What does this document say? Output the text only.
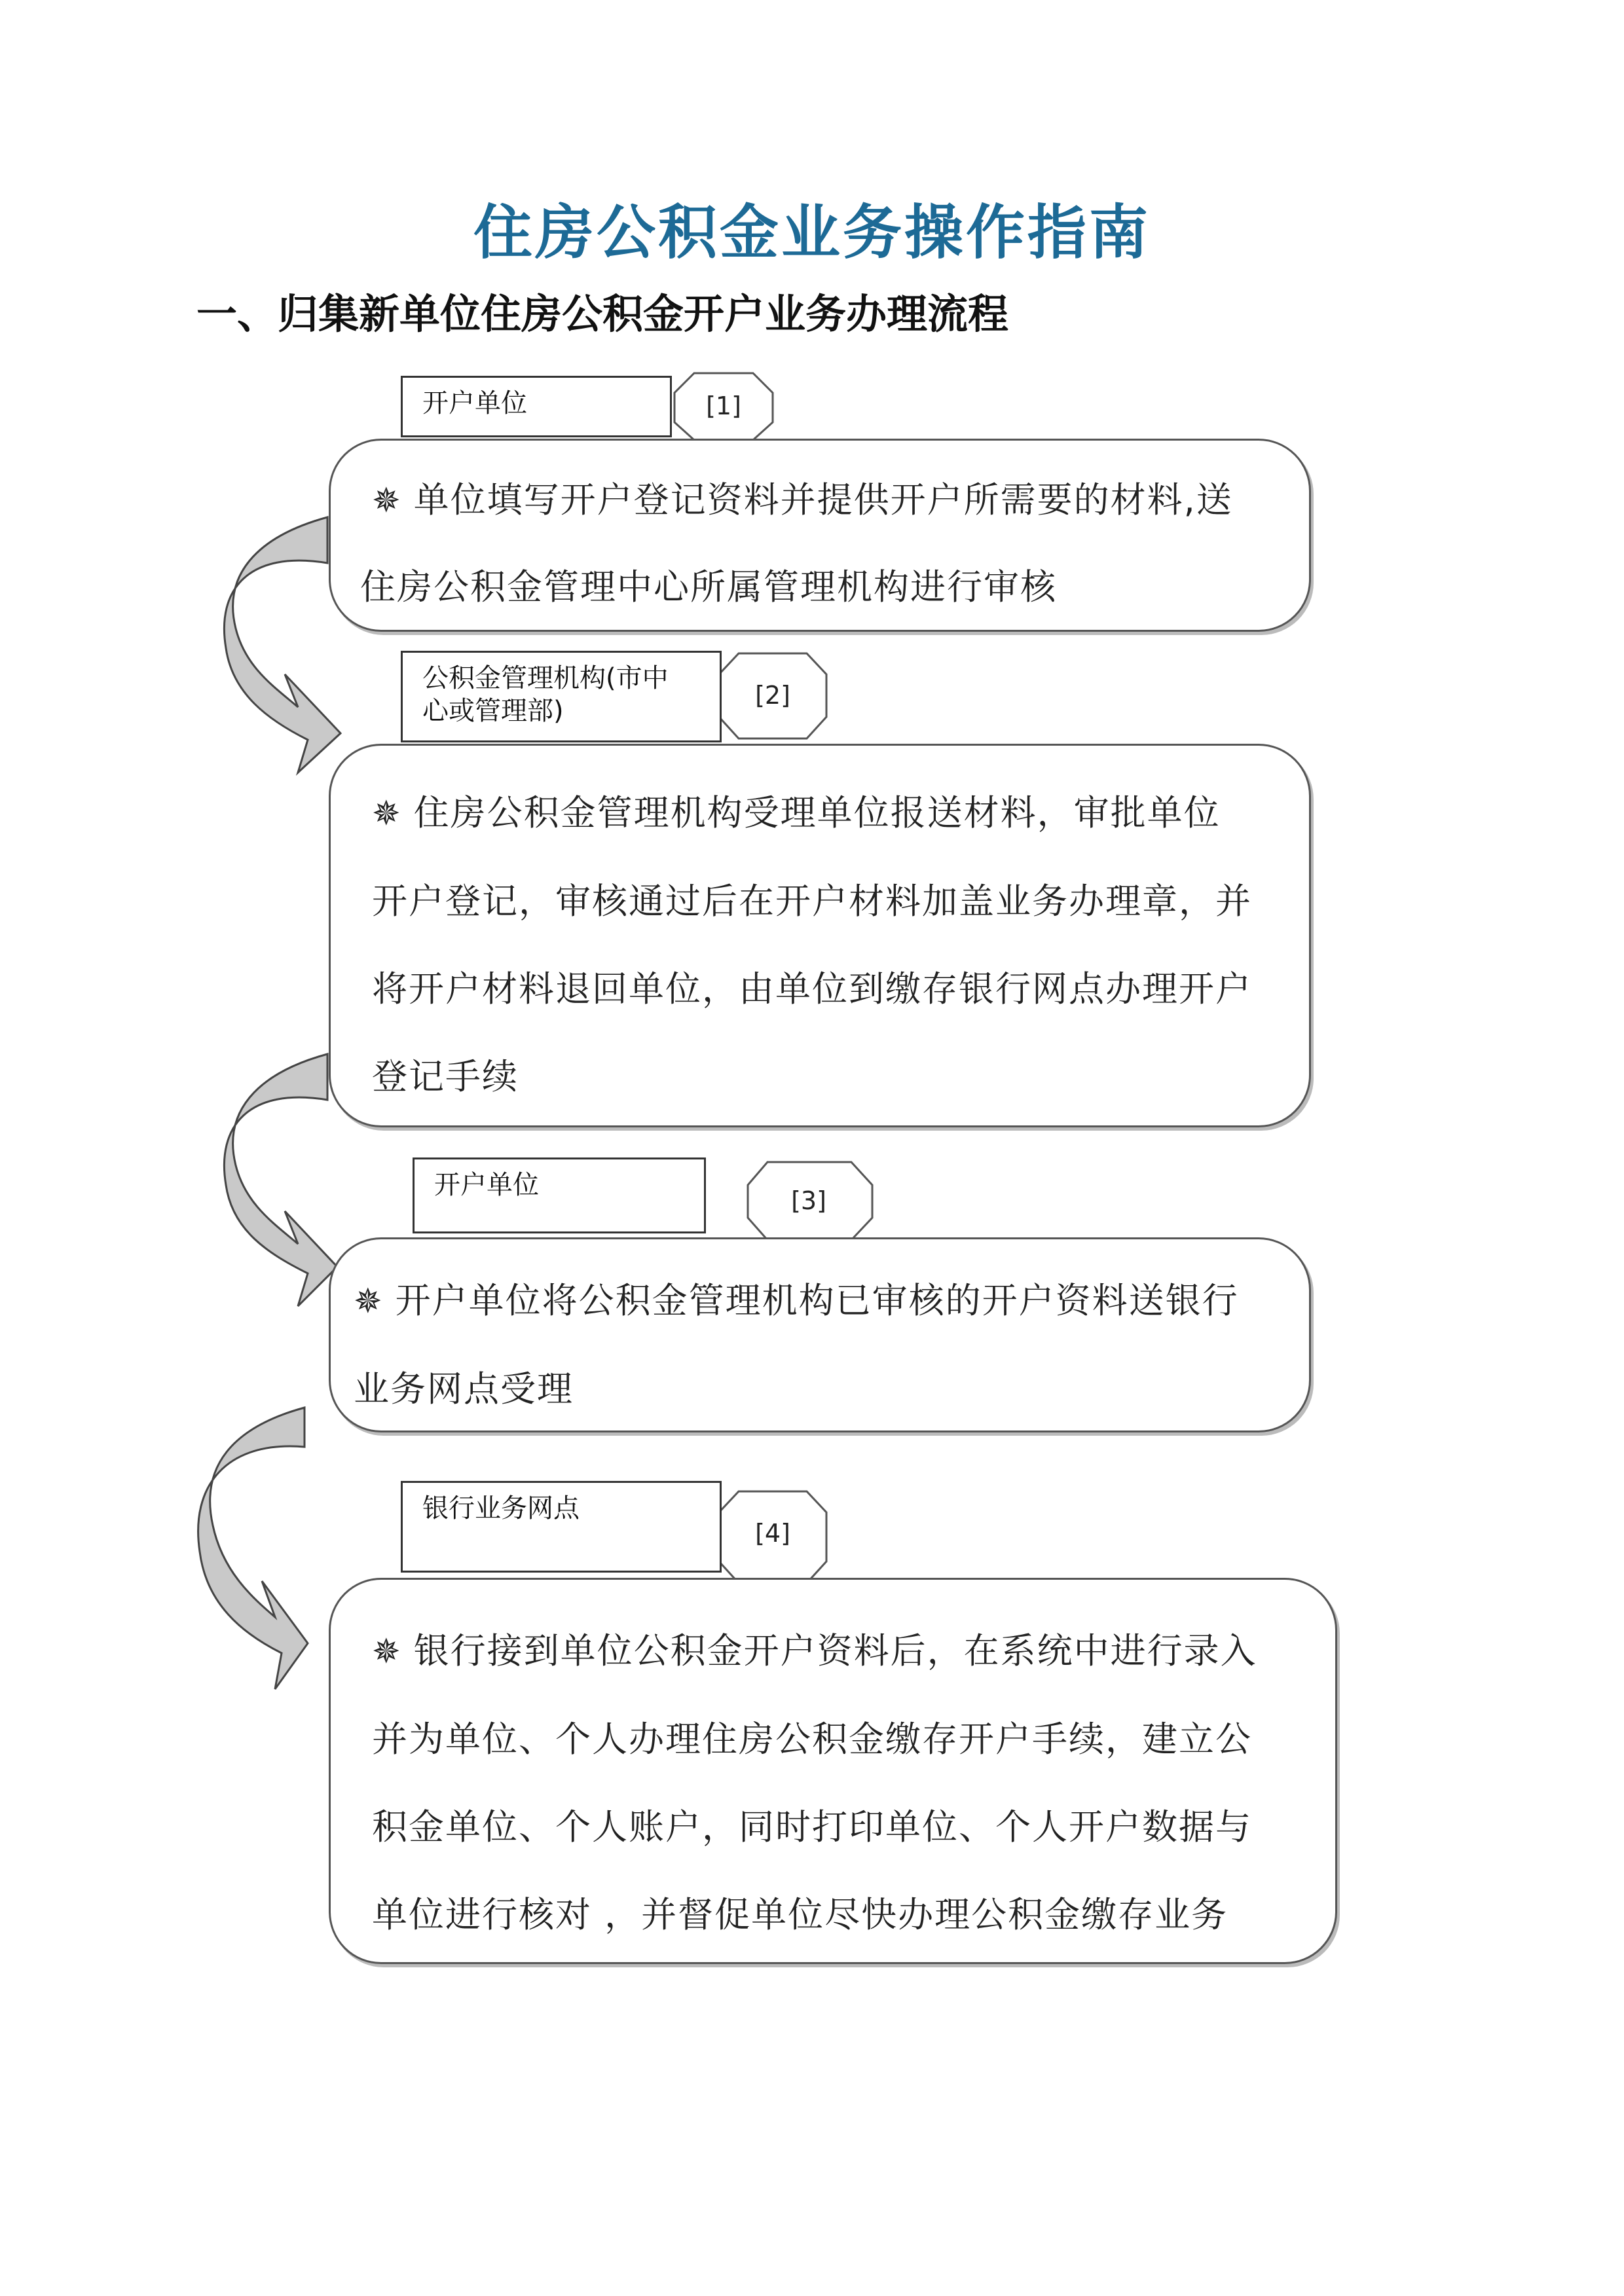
住房公积金业务操作指南
一、归集新单位住房公积金开户业务办理流程
开户单位	[1]
✵ 单位填写开户登记资料并提供开户所需要的材料,送
住房公积金管理中心所属管理机构进行审核
公积金管理机构(市中
心或管理部)
[2]
✵ 住房公积金管理机构受理单位报送材料，审批单位
开户登记，审核通过后在开户材料加盖业务办理章，并
将开户材料退回单位，由单位到缴存银行网点办理开户
登记手续
开户单位
[3]
✵ 开户单位将公积金管理机构已审核的开户资料送银行
业务网点受理
银行业务网点
[4]
✵ 银行接到单位公积金开户资料后，在系统中进行录入
并为单位、个人办理住房公积金缴存开户手续，建立公
积金单位、个人账户，同时打印单位、个人开户数据与
单位进行核对 ，并督促单位尽快办理公积金缴存业务
